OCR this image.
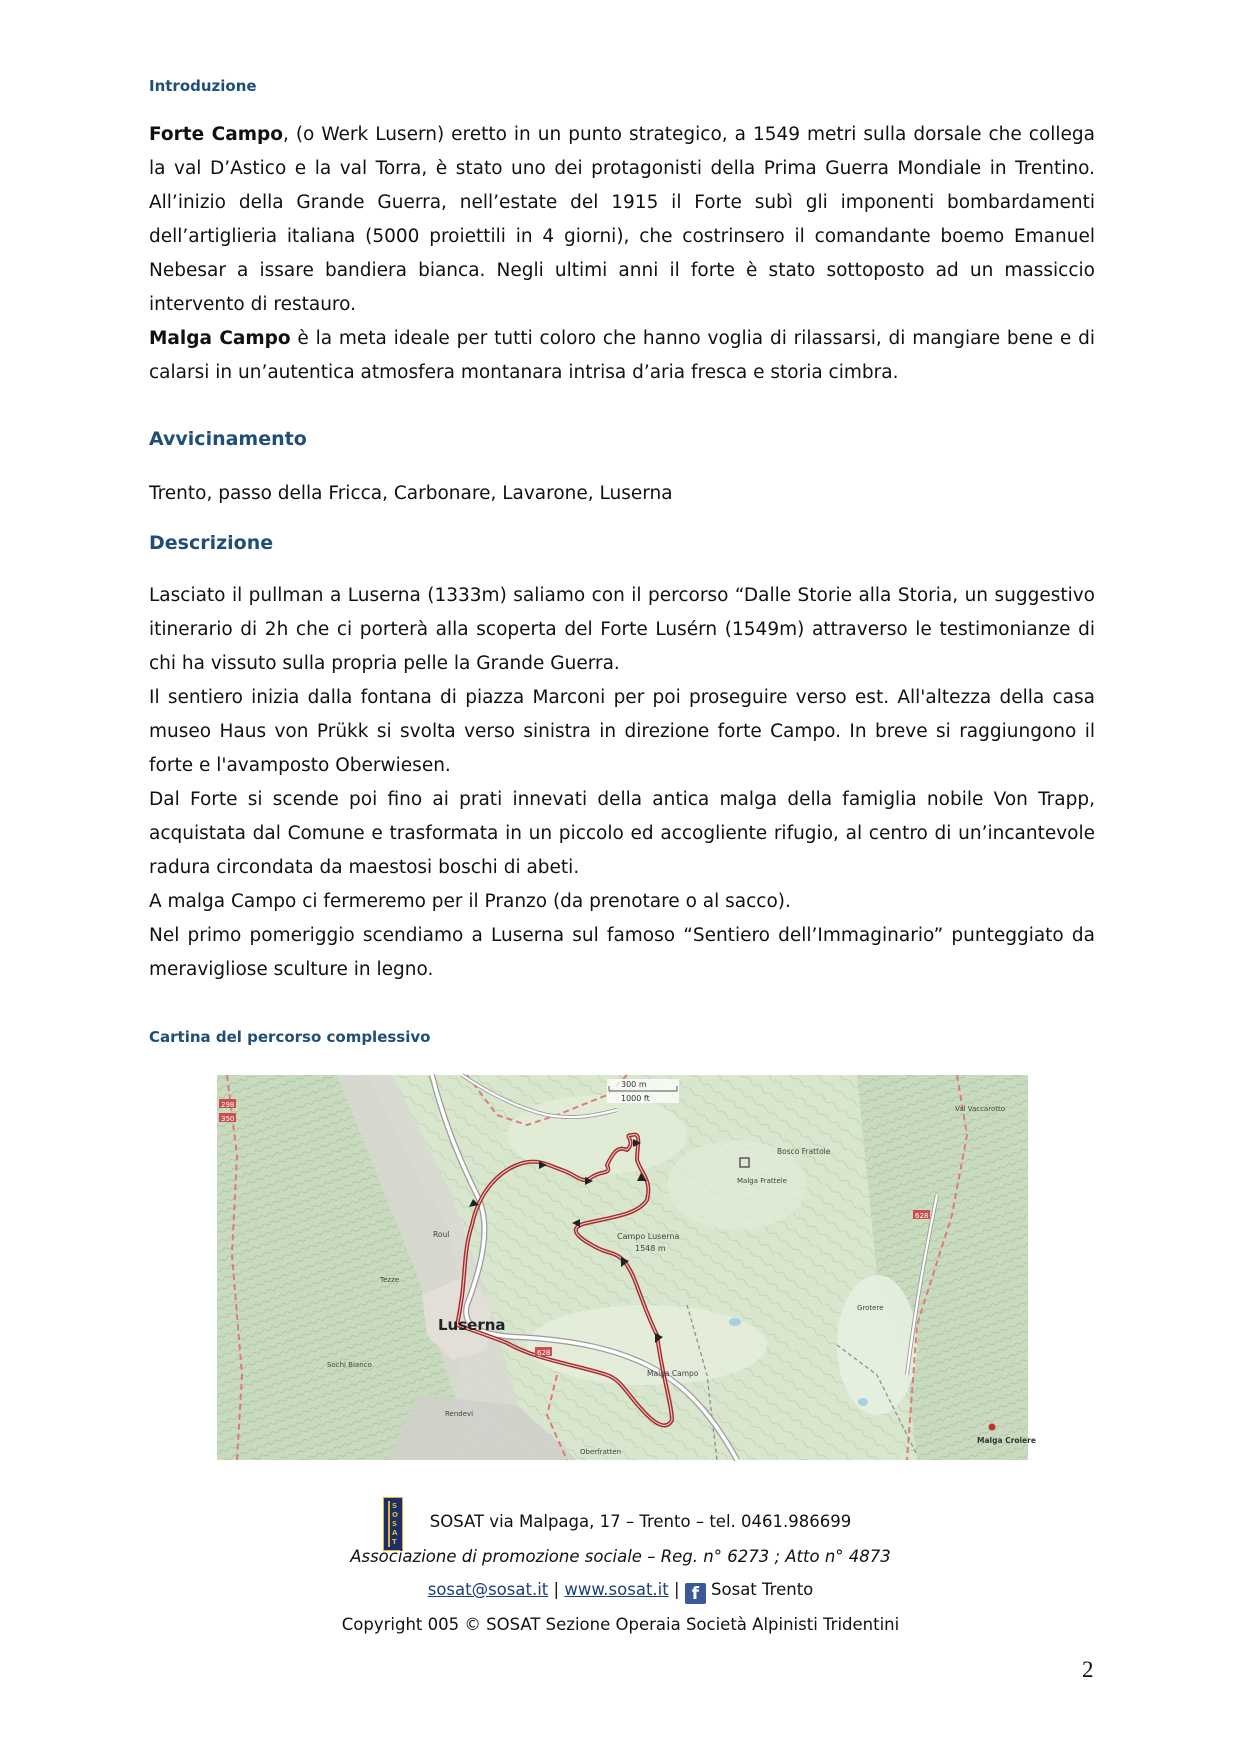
Introduzione

Forte Campo, (o Werk Lusern) eretto in un punto strategico, a 1549 metri sulla dorsale che collega la val D’Astico e la val Torra, è stato uno dei protagonisti della Prima Guerra Mondiale in Trentino. All’inizio della Grande Guerra, nell’estate del 1915 il Forte subì gli imponenti bombardamenti dell’artiglieria italiana (5000 proiettili in 4 giorni), che costrinsero il comandante boemo Emanuel Nebesar a issare bandiera bianca. Negli ultimi anni il forte è stato sottoposto ad un massiccio intervento di restauro.

Malga Campo è la meta ideale per tutti coloro che hanno voglia di rilassarsi, di mangiare bene e di calarsi in un’autentica atmosfera montanara intrisa d’aria fresca e storia cimbra.

Avvicinamento

Trento, passo della Fricca, Carbonare, Lavarone, Luserna

Descrizione

Lasciato il pullman a Luserna (1333m) saliamo con il percorso “Dalle Storie alla Storia, un suggestivo itinerario di 2h che ci porterà alla scoperta del Forte Lusérn (1549m) attraverso le testimonianze di chi ha vissuto sulla propria pelle la Grande Guerra.

Il sentiero inizia dalla fontana di piazza Marconi per poi proseguire verso est. All'altezza della casa museo Haus von Prükk si svolta verso sinistra in direzione forte Campo. In breve si raggiungono il forte e l'avamposto Oberwiesen.

Dal Forte si scende poi fino ai prati innevati della antica malga della famiglia nobile Von Trapp, acquistata dal Comune e trasformata in un piccolo ed accogliente rifugio, al centro di un’incantevole radura circondata da maestosi boschi di abeti.

A malga Campo ci fermeremo per il Pranzo (da prenotare o al sacco).

Nel primo pomeriggio scendiamo a Luserna sul famoso “Sentiero dell’Immaginario” punteggiato da meravigliose sculture in legno.

Cartina del percorso complessivo
300 m
1000 ft
Luserna
Campo Luserna
1548 m
Malga Campo
Malga Croiere
Bosco Frattole
Malga Frattele
Roul
Tezze
Sochi Bianco
Val Vaccarotto
Oberfratten
Rendevi
Grotere
628
628
298
350
SOSAT
SOSAT via Malpaga, 17 – Trento – tel. 0461.986699
Associazione di promozione sociale – Reg. n° 6273 ; Atto n° 4873
sosat@sosat.it | www.sosat.it | f Sosat Trento
Copyright 005 © SOSAT Sezione Operaia Società Alpinisti Tridentini
2
